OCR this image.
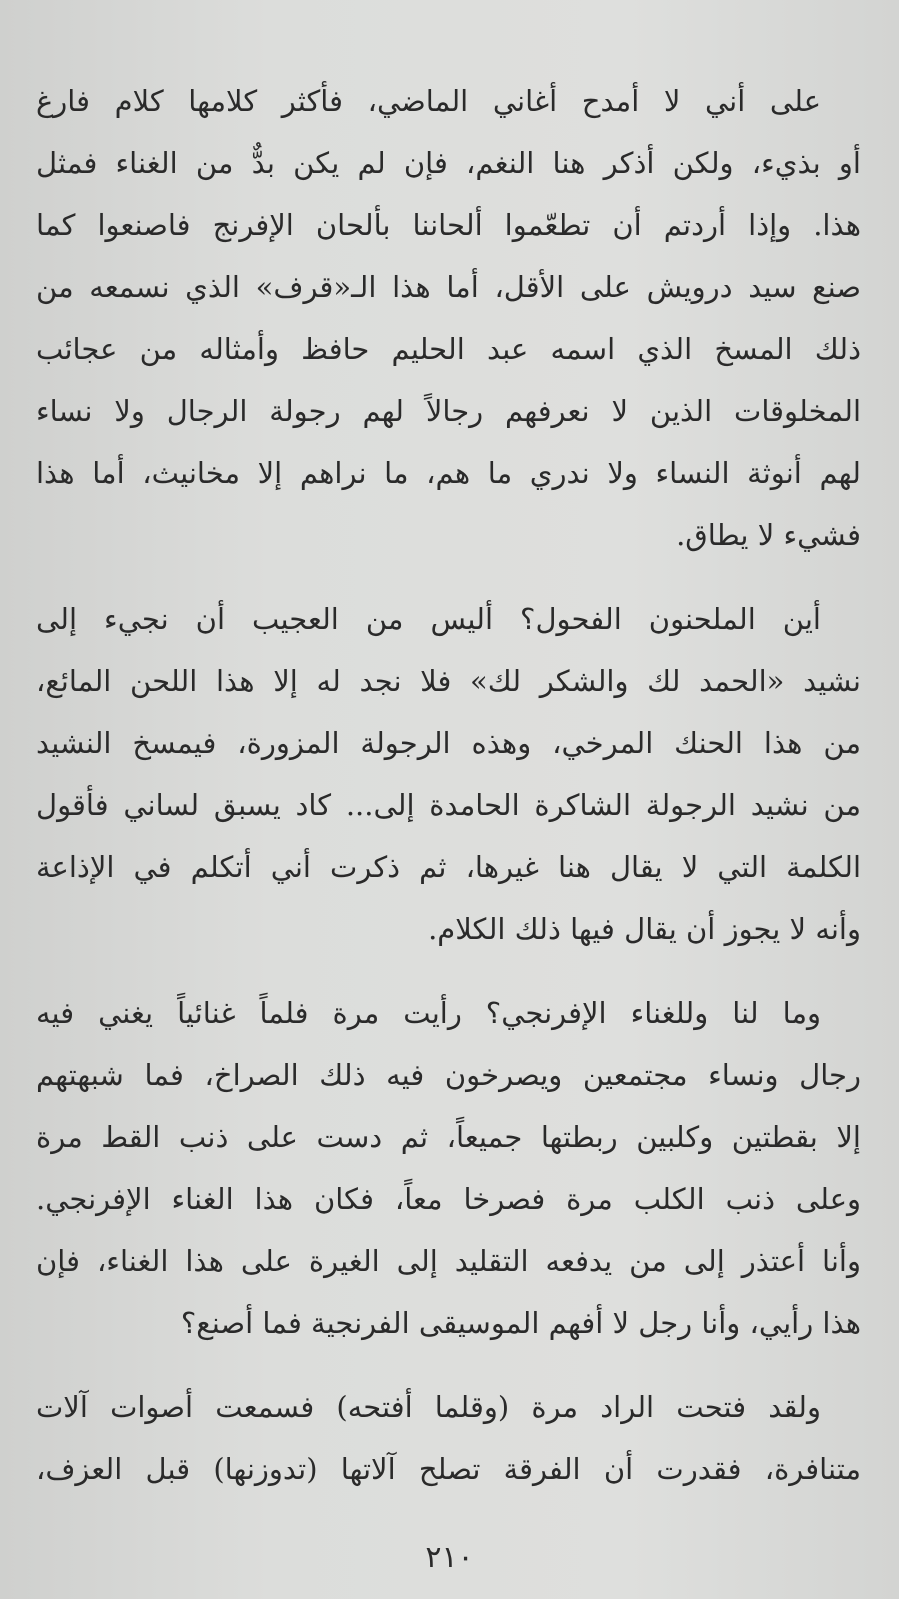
على أني لا أمدح أغاني الماضي، فأكثر كلامها كلام فارغ
أو بذيء، ولكن أذكر هنا النغم، فإن لم يكن بدٌّ من الغناء فمثل
هذا. وإذا أردتم أن تطعّموا ألحاننا بألحان الإفرنج فاصنعوا كما
صنع سيد درويش على الأقل، أما هذا الـ«قرف» الذي نسمعه من
ذلك المسخ الذي اسمه عبد الحليم حافظ وأمثاله من عجائب
المخلوقات الذين لا نعرفهم رجالاً لهم رجولة الرجال ولا نساء
لهم أنوثة النساء ولا ندري ما هم، ما نراهم إلا مخانيث، أما هذا
فشيء لا يطاق.
أين الملحنون الفحول؟ أليس من العجيب أن نجيء إلى
نشيد «الحمد لك والشكر لك» فلا نجد له إلا هذا اللحن المائع،
من هذا الحنك المرخي، وهذه الرجولة المزورة، فيمسخ النشيد
من نشيد الرجولة الشاكرة الحامدة إلى... كاد يسبق لساني فأقول
الكلمة التي لا يقال هنا غيرها، ثم ذكرت أني أتكلم في الإذاعة
وأنه لا يجوز أن يقال فيها ذلك الكلام.
وما لنا وللغناء الإفرنجي؟ رأيت مرة فلماً غنائياً يغني فيه
رجال ونساء مجتمعين ويصرخون فيه ذلك الصراخ، فما شبهتهم
إلا بقطتين وكلبين ربطتها جميعاً، ثم دست على ذنب القط مرة
وعلى ذنب الكلب مرة فصرخا معاً، فكان هذا الغناء الإفرنجي.
وأنا أعتذر إلى من يدفعه التقليد إلى الغيرة على هذا الغناء، فإن
هذا رأيي، وأنا رجل لا أفهم الموسيقى الفرنجية فما أصنع؟
ولقد فتحت الراد مرة (وقلما أفتحه) فسمعت أصوات آلات
متنافرة، فقدرت أن الفرقة تصلح آلاتها (تدوزنها) قبل العزف،
٢١٠
